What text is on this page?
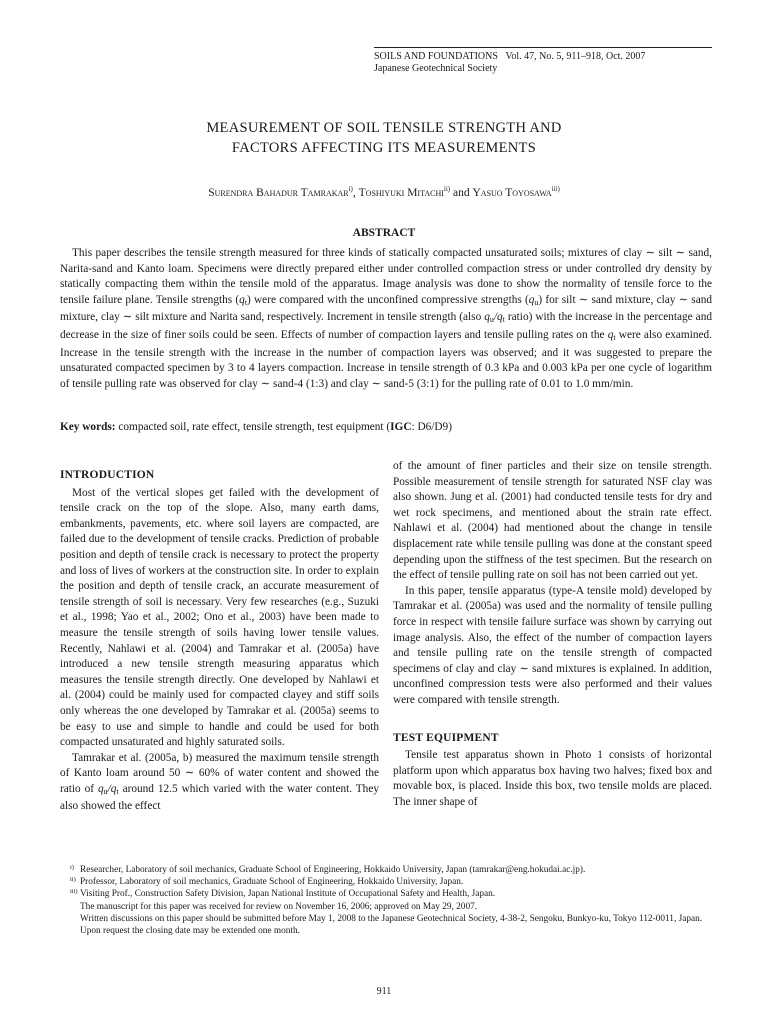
SOILS AND FOUNDATIONS Vol. 47, No. 5, 911–918, Oct. 2007
Japanese Geotechnical Society
MEASUREMENT OF SOIL TENSILE STRENGTH AND
FACTORS AFFECTING ITS MEASUREMENTS
Surendra Bahadur Tamrakar$^{i)}$, Toshiyuki Mitachi$^{ii)}$ and Yasuo Toyosawa$^{iii)}$
ABSTRACT

This paper describes the tensile strength measured for three kinds of statically compacted unsaturated soils; mixtures of clay ∼ silt ∼ sand, Narita-sand and Kanto loam. Specimens were directly prepared either under controlled compaction stress or under controlled dry density by statically compacting them within the tensile mold of the apparatus. Image analysis was done to show the normality of tensile force to the tensile failure plane. Tensile strengths $(q_t)$ were compared with the unconfined compressive strengths $(q_u)$ for silt ∼ sand mixture, clay ∼ sand mixture, clay ∼ silt mixture and Narita sand, respectively. Increment in tensile strength (also $q_u/q_t$ ratio) with the increase in the percentage and decrease in the size of finer soils could be seen. Effects of number of compaction layers and tensile pulling rates on the $q_t$ were also examined. Increase in the tensile strength with the increase in the number of compaction layers was observed; and it was suggested to prepare the unsaturated compacted specimen by 3 to 4 layers compaction. Increase in tensile strength of 0.3 kPa and 0.003 kPa per one cycle of logarithm of tensile pulling rate was observed for clay ∼ sand-4 (1:3) and clay ∼ sand-5 (3:1) for the pulling rate of 0.01 to 1.0 mm/min.

Key words: compacted soil, rate effect, tensile strength, test equipment (IGC: D6/D9)

INTRODUCTION

Most of the vertical slopes get failed with the development of tensile crack on the top of the slope. Also, many earth dams, embankments, pavements, etc. where soil layers are compacted, are failed due to the development of tensile cracks. Prediction of probable position and depth of tensile crack is necessary to protect the property and loss of lives of workers at the construction site. In order to explain the position and depth of tensile crack, an accurate measurement of tensile strength of soil is necessary. Very few researches (e.g., Suzuki et al., 1998; Yao et al., 2002; Ono et al., 2003) have been made to measure the tensile strength of soils having lower tensile values. Recently, Nahlawi et al. (2004) and Tamrakar et al. (2005a) have introduced a new tensile strength measuring apparatus which measures the tensile strength directly. One developed by Nahlawi et al. (2004) could be mainly used for compacted clayey and stiff soils only whereas the one developed by Tamrakar et al. (2005a) seems to be easy to use and simple to handle and could be used for both compacted unsaturated and highly saturated soils.

Tamrakar et al. (2005a, b) measured the maximum tensile strength of Kanto loam around 50 ∼ 60% of water content and showed the ratio of $q_u/q_t$ around 12.5 which varied with the water content. They also showed the effect

of the amount of finer particles and their size on tensile strength. Possible measurement of tensile strength for saturated NSF clay was also shown. Jung et al. (2001) had conducted tensile tests for dry and wet rock specimens, and mentioned about the strain rate effect. Nahlawi et al. (2004) had mentioned about the change in tensile displacement rate while tensile pulling was done at the constant speed depending upon the stiffness of the test specimen. But the research on the effect of tensile pulling rate on soil has not been carried out yet.

In this paper, tensile apparatus (type-A tensile mold) developed by Tamrakar et al. (2005a) was used and the normality of tensile pulling force in respect with tensile failure surface was shown by carrying out image analysis. Also, the effect of the number of compaction layers and tensile pulling rate on the tensile strength of compacted specimens of clay and clay ∼ sand mixtures is explained. In addition, unconfined compression tests were also performed and their values were compared with tensile strength.

TEST EQUIPMENT

Tensile test apparatus shown in Photo 1 consists of horizontal platform upon which apparatus box having two halves; fixed box and movable box, is placed. Inside this box, two tensile molds are placed. The inner shape of

i) Researcher, Laboratory of soil mechanics, Graduate School of Engineering, Hokkaido University, Japan (tamrakar@eng.hokudai.ac.jp).
ii) Professor, Laboratory of soil mechanics, Graduate School of Engineering, Hokkaido University, Japan.
iii) Visiting Prof., Construction Safety Division, Japan National Institute of Occupational Safety and Health, Japan.
The manuscript for this paper was received for review on November 16, 2006; approved on May 29, 2007.
Written discussions on this paper should be submitted before May 1, 2008 to the Japanese Geotechnical Society, 4-38-2, Sengoku, Bunkyo-ku, Tokyo 112-0011, Japan. Upon request the closing date may be extended one month.
911
